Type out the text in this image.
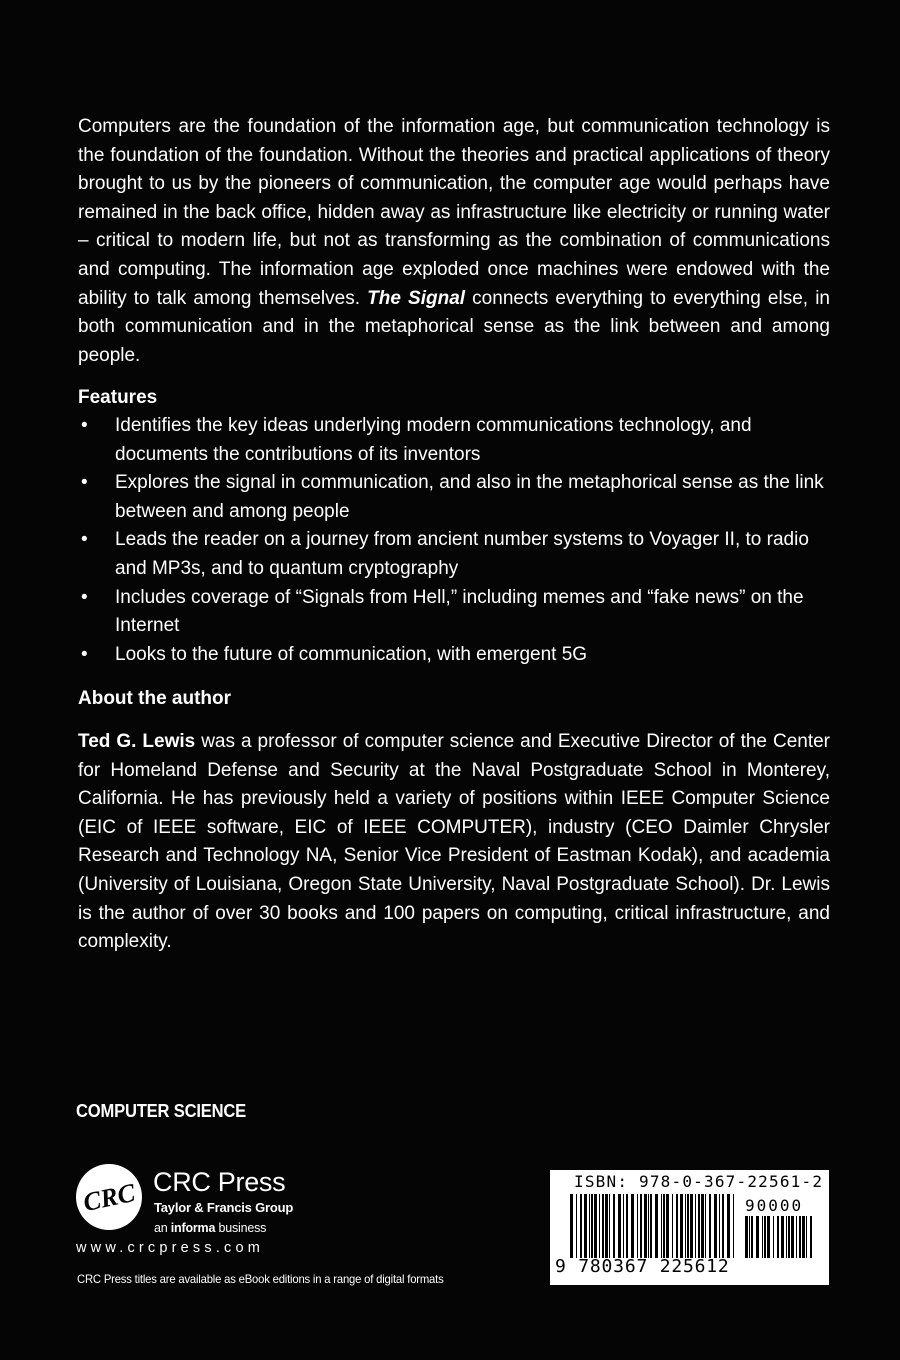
Computers are the foundation of the information age, but communication technology is the foundation of the foundation. Without the theories and practical applications of theory brought to us by the pioneers of communication, the computer age would perhaps have remained in the back office, hidden away as infrastructure like electricity or running water – critical to modern life, but not as transforming as the combination of communications and computing. The information age exploded once machines were endowed with the ability to talk among themselves. The Signal connects everything to everything else, in both communication and in the metaphorical sense as the link between and among people.
Features
• Identifies the key ideas underlying modern communications technology, and documents the contributions of its inventors
• Explores the signal in communication, and also in the metaphorical sense as the link between and among people
• Leads the reader on a journey from ancient number systems to Voyager II, to radio and MP3s, and to quantum cryptography
• Includes coverage of “Signals from Hell,” including memes and “fake news” on the Internet
• Looks to the future of communication, with emergent 5G
About the author
Ted G. Lewis was a professor of computer science and Executive Director of the Center for Homeland Defense and Security at the Naval Postgraduate School in Monterey, California. He has previously held a variety of positions within IEEE Computer Science (EIC of IEEE software, EIC of IEEE COMPUTER), industry (CEO Daimler Chrysler Research and Technology NA, Senior Vice President of Eastman Kodak), and academia (University of Louisiana, Oregon State University, Naval Postgraduate School). Dr. Lewis is the author of over 30 books and 100 papers on computing, critical infrastructure, and complexity.
COMPUTER SCIENCE
CRC CRC Press
Taylor & Francis Group
an informa business
www.crcpress.com
CRC Press titles are available as eBook editions in a range of digital formats
ISBN: 978-0-367-22561-2
90000
9 780367 225612
